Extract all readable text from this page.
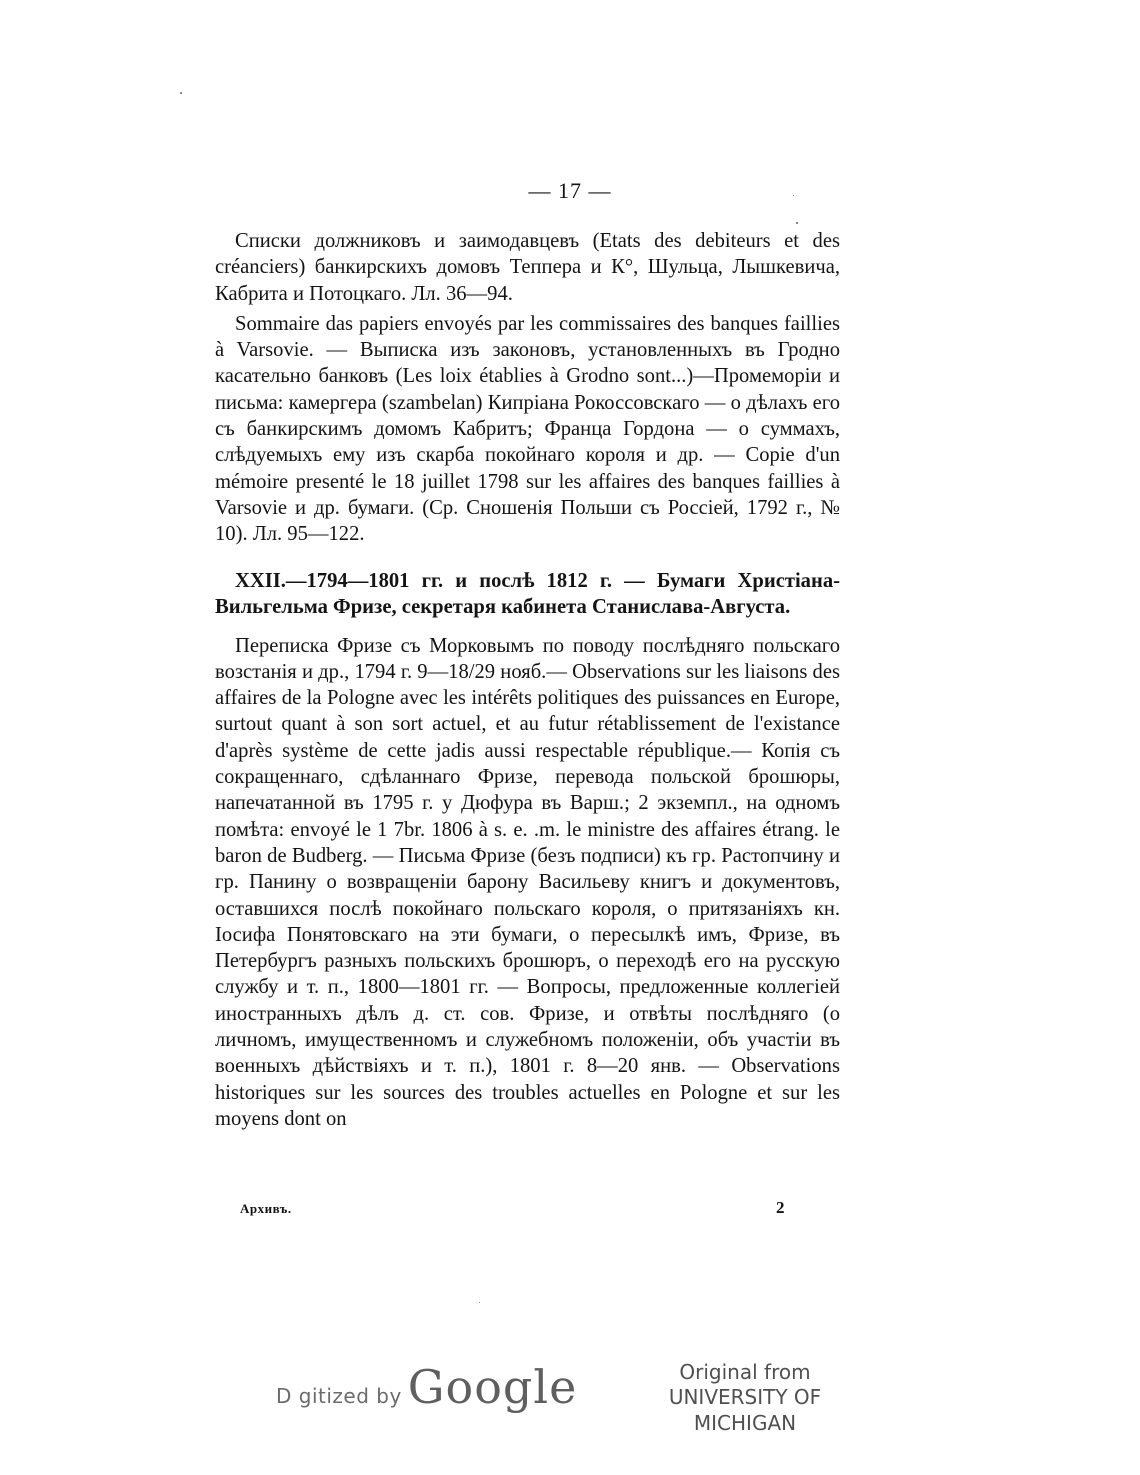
— 17 —

Списки должниковъ и заимодавцевъ (Etats des debiteurs et des créanciers) банкирскихъ домовъ Теппера и К°, Шульца, Лышкевича, Кабрита и Потоцкаго. Лл. 36—94.

Sommaire das papiers envoyés par les commissaires des banques faillies à Varsovie. — Выписка изъ законовъ, установленныхъ въ Гродно касательно банковъ (Les loix établies à Grodno sont...)—Промеморіи и письма: камергера (szambelan) Кипріана Рокоссовскаго — о дѣлахъ его съ банкирскимъ домомъ Кабритъ; Франца Гордона — о суммахъ, слѣдуемыхъ ему изъ скарба покойнаго короля и др. — Copie d'un mémoire presenté le 18 juillet 1798 sur les affaires des banques faillies à Varsovie и др. бумаги. (Ср. Сношенія Польши съ Россіей, 1792 г., № 10). Лл. 95—122.

XXII.—1794—1801 гг. и послѣ 1812 г. — Бумаги Христіана-Вильгельма Фризе, секретаря кабинета Станислава-Августа.

Переписка Фризе съ Морковымъ по поводу послѣдняго польскаго возстанія и др., 1794 г. 9—18/29 нояб.— Observations sur les liaisons des affaires de la Pologne avec les intérêts politiques des puissances en Europe, surtout quant à son sort actuel, et au futur rétablissement de l'existance d'après système de cette jadis aussi respectable république.— Копія съ сокращеннаго, сдѣланнаго Фризе, перевода польской брошюры, напечатанной въ 1795 г. у Дюфура въ Варш.; 2 экземпл., на одномъ помѣта: envoyé le 1 7br. 1806 à s. e. .m. le ministre des affaires étrang. le baron de Budberg. — Письма Фризе (безъ подписи) къ гр. Растопчину и гр. Панину о возвращеніи барону Васильеву книгъ и документовъ, оставшихся послѣ покойнаго польскаго короля, о притязаніяхъ кн. Іосифа Понятовскаго на эти бумаги, о пересылкѣ имъ, Фризе, въ Петербургъ разныхъ польскихъ брошюръ, о переходѣ его на русскую службу и т. п., 1800—1801 гг. — Вопросы, предложенные коллегіей иностранныхъ дѣлъ д. ст. сов. Фризе, и отвѣты послѣдняго (о личномъ, имущественномъ и служебномъ положеніи, объ участіи въ военныхъ дѣйствіяхъ и т. п.), 1801 г. 8—20 янв. — Observations historiques sur les sources des troubles actuelles en Pologne et sur les moyens dont on

Архивъ.	2
D gitized by Google	Original from
UNIVERSITY OF MICHIGAN
